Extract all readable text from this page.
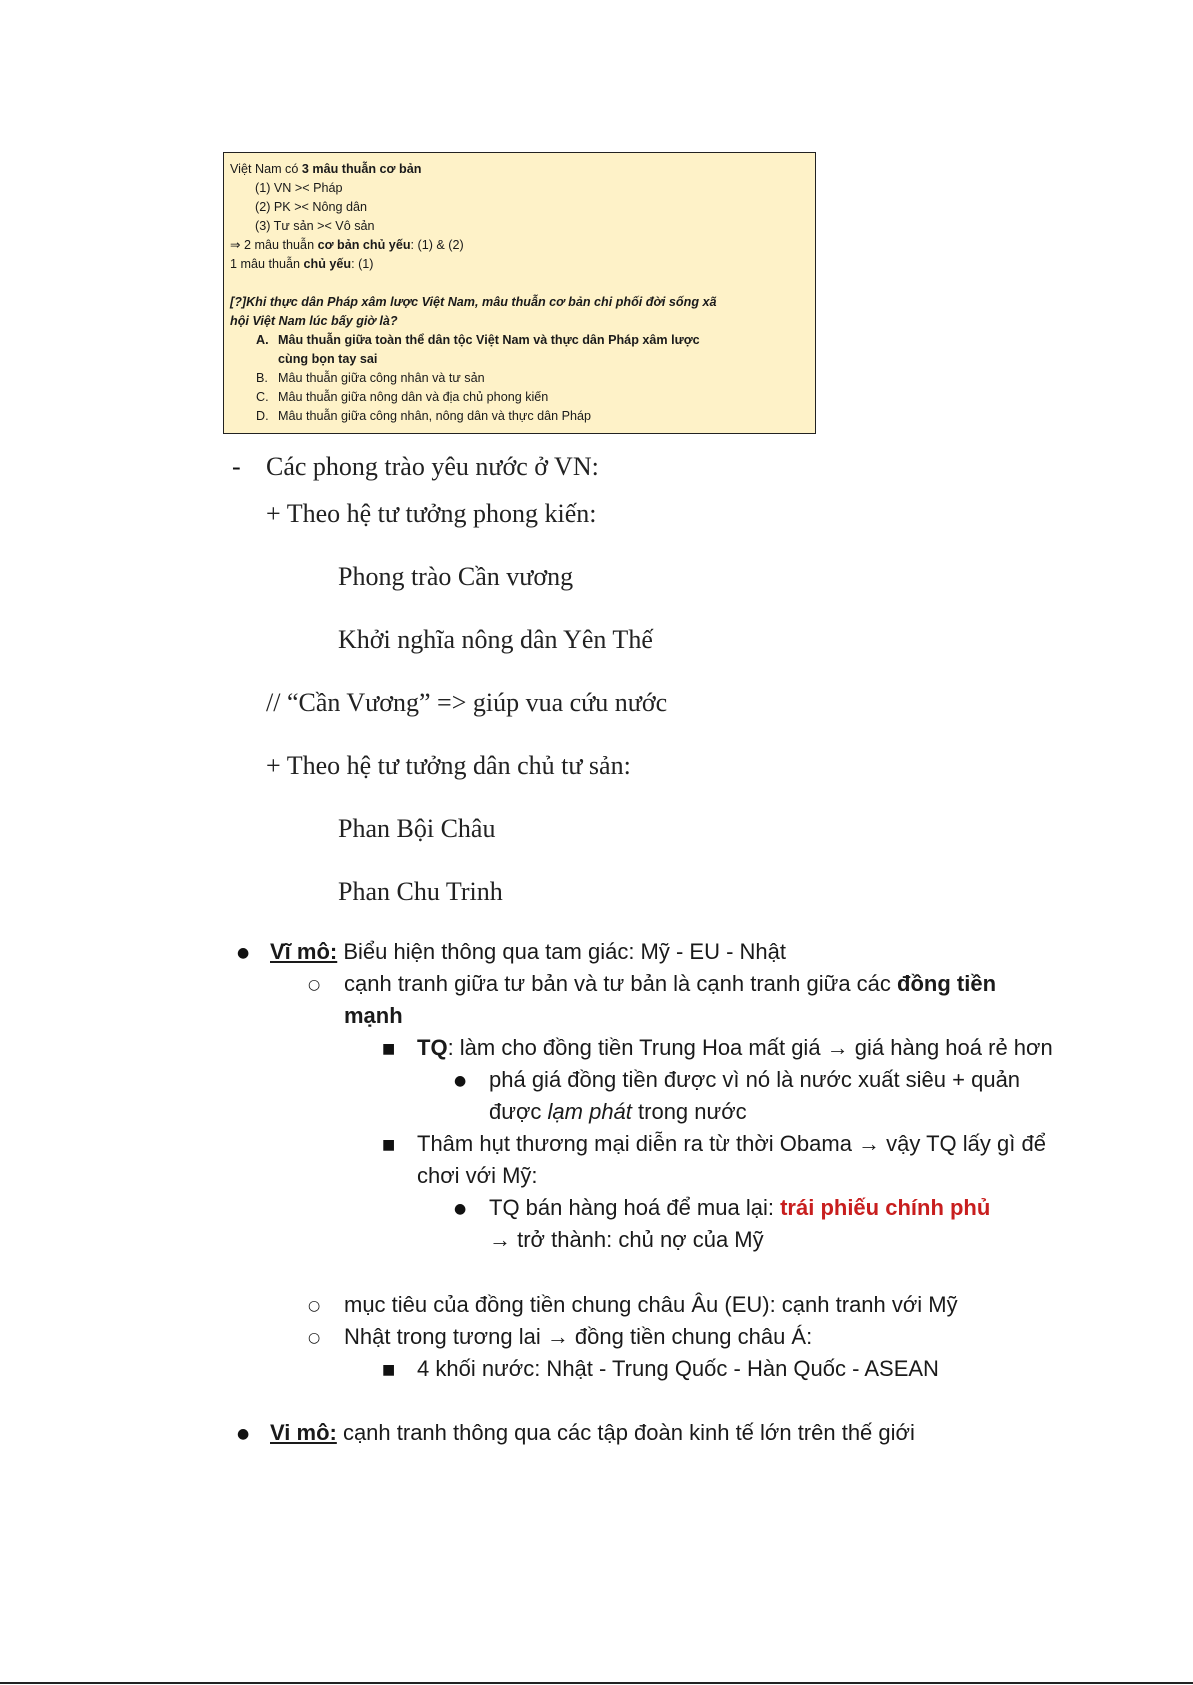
Việt Nam có 3 mâu thuẫn cơ bản
(1) VN >< Pháp
(2) PK >< Nông dân
(3) Tư sản >< Vô sản
⇒ 2 mâu thuẫn cơ bản chủ yếu: (1) & (2)
1 mâu thuẫn chủ yếu: (1)
[?]Khi thực dân Pháp xâm lược Việt Nam, mâu thuẫn cơ bản chi phối đời sống xã
hội Việt Nam lúc bấy giờ là?
A. Mâu thuẫn giữa toàn thể dân tộc Việt Nam và thực dân Pháp xâm lược
cùng bọn tay sai
B. Mâu thuẫn giữa công nhân và tư sản
C. Mâu thuẫn giữa nông dân và địa chủ phong kiến
D. Mâu thuẫn giữa công nhân, nông dân và thực dân Pháp
- Các phong trào yêu nước ở VN:
+ Theo hệ tư tưởng phong kiến:
Phong trào Cần vương
Khởi nghĩa nông dân Yên Thế
// “Cần Vương” => giúp vua cứu nước
+ Theo hệ tư tưởng dân chủ tư sản:
Phan Bội Châu
Phan Chu Trinh
● Vĩ mô: Biểu hiện thông qua tam giác: Mỹ - EU - Nhật
○ cạnh tranh giữa tư bản và tư bản là cạnh tranh giữa các đồng tiền
mạnh
■ TQ: làm cho đồng tiền Trung Hoa mất giá → giá hàng hoá rẻ hơn
● phá giá đồng tiền được vì nó là nước xuất siêu + quản
được lạm phát trong nước
■ Thâm hụt thương mại diễn ra từ thời Obama → vậy TQ lấy gì để
chơi với Mỹ:
● TQ bán hàng hoá để mua lại: trái phiếu chính phủ
→ trở thành: chủ nợ của Mỹ
○ mục tiêu của đồng tiền chung châu Âu (EU): cạnh tranh với Mỹ
○ Nhật trong tương lai → đồng tiền chung châu Á:
■ 4 khối nước: Nhật - Trung Quốc - Hàn Quốc - ASEAN
● Vi mô: cạnh tranh thông qua các tập đoàn kinh tế lớn trên thế giới
